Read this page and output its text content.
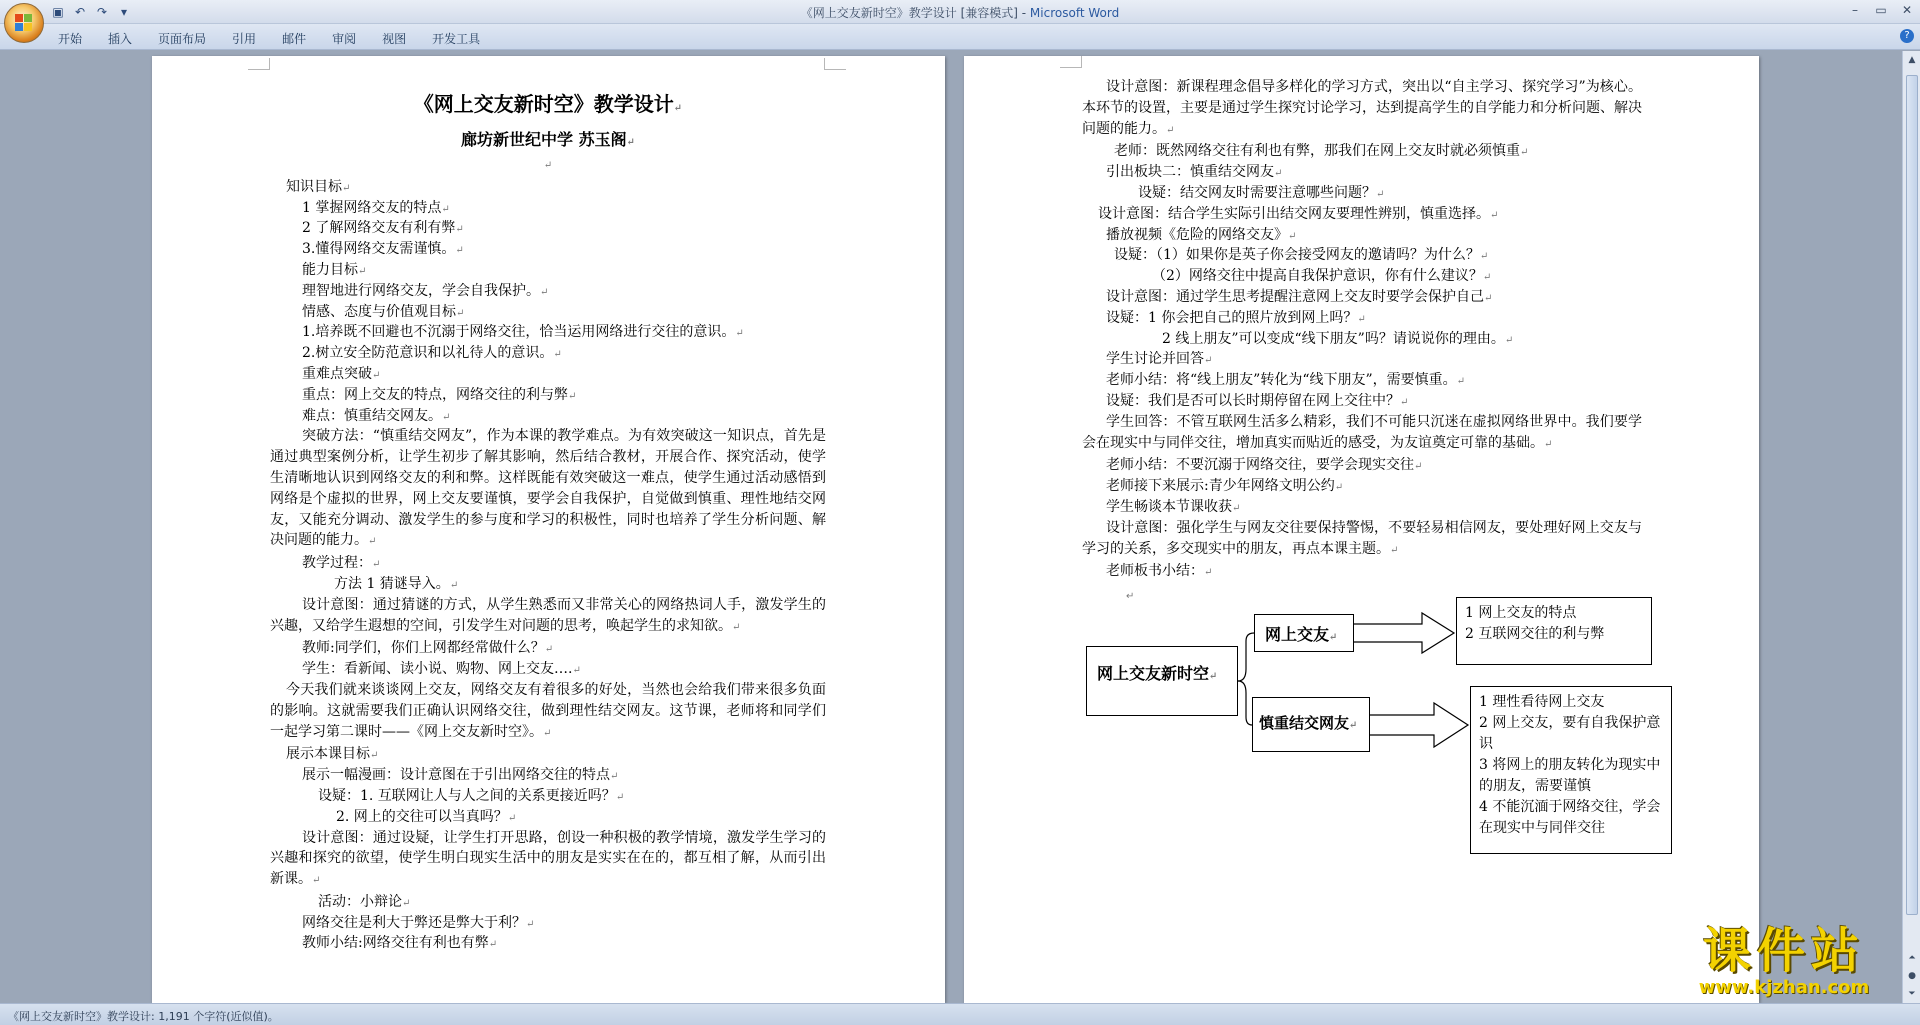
▣ ↶ ↷	▾	《网上交友新时空》教学设计 [兼容模式] - Microsoft Word	–	▭	✕
开始 插入 页面布局 引用 邮件 审阅 视图 开发工具	?
《网上交友新时空》教学设计↵
廊坊新世纪中学 苏玉阁↵
↵
知识目标↵
1 掌握网络交友的特点↵
2 了解网络交友有利有弊↵
3.懂得网络交友需谨慎。↵
能力目标↵
理智地进行网络交友，学会自我保护。↵
情感、态度与价值观目标↵
1.培养既不回避也不沉溺于网络交往，恰当运用网络进行交往的意识。↵
2.树立安全防范意识和以礼待人的意识。↵
重难点突破↵
重点：网上交友的特点，网络交往的利与弊↵
难点：慎重结交网友。↵
突破方法：“慎重结交网友”，作为本课的教学难点。为有效突破这一知识点，首先是通过典型案例分析，让学生初步了解其影响，然后结合教材，开展合作、探究活动，使学生清晰地认识到网络交友的利和弊。这样既能有效突破这一难点，使学生通过活动感悟到网络是个虚拟的世界，网上交友要谨慎，要学会自我保护，自觉做到慎重、理性地结交网友，又能充分调动、激发学生的参与度和学习的积极性，同时也培养了学生分析问题、解决问题的能力。↵
教学过程：↵
方法 1 猜谜导入。↵
设计意图：通过猜谜的方式，从学生熟悉而又非常关心的网络热词人手，激发学生的兴趣，又给学生遐想的空间，引发学生对问题的思考，唤起学生的求知欲。↵
教师:同学们，你们上网都经常做什么？↵
学生：看新闻、读小说、购物、网上交友….↵
今天我们就来谈谈网上交友，网络交友有着很多的好处，当然也会给我们带来很多负面的影响。这就需要我们正确认识网络交往，做到理性结交网友。这节课，老师将和同学们一起学习第二课时——《网上交友新时空》。↵
展示本课目标↵
展示一幅漫画：设计意图在于引出网络交往的特点↵
设疑：1. 互联网让人与人之间的关系更接近吗？↵
2. 网上的交往可以当真吗？↵
设计意图：通过设疑，让学生打开思路，创设一种积极的教学情境，激发学生学习的兴趣和探究的欲望，使学生明白现实生活中的朋友是实实在在的，都互相了解，从而引出新课。↵
活动：小辩论↵
网络交往是利大于弊还是弊大于利？↵
教师小结:网络交往有利也有弊↵
设计意图：新课程理念倡导多样化的学习方式，突出以“自主学习、探究学习”为核心。本环节的设置，主要是通过学生探究讨论学习，达到提高学生的自学能力和分析问题、解决问题的能力。↵
老师：既然网络交往有利也有弊，那我们在网上交友时就必须慎重↵
引出板块二：慎重结交网友↵
设疑：结交网友时需要注意哪些问题？↵
设计意图：结合学生实际引出结交网友要理性辨别，慎重选择。↵
播放视频《危险的网络交友》↵
设疑：（1）如果你是英子你会接受网友的邀请吗？为什么？↵
（2）网络交往中提高自我保护意识，你有什么建议？↵
设计意图：通过学生思考提醒注意网上交友时要学会保护自己↵
设疑：1 你会把自己的照片放到网上吗？↵
2 线上朋友”可以变成“线下朋友”吗？请说说你的理由。↵
学生讨论并回答↵
老师小结：将“线上朋友”转化为“线下朋友”，需要慎重。↵
设疑：我们是否可以长时期停留在网上交往中？↵
学生回答：不管互联网生活多么精彩，我们不可能只沉迷在虚拟网络世界中。我们要学会在现实中与同伴交往，增加真实而贴近的感受，为友谊奠定可靠的基础。↵
老师小结：不要沉溺于网络交往，要学会现实交往↵
老师接下来展示:青少年网络文明公约↵
学生畅谈本节课收获↵
设计意图：强化学生与网友交往要保持警惕，不要轻易相信网友，要处理好网上交友与学习的关系，多交现实中的朋友，再点本课主题。↵
老师板书小结：↵
↵
网上交友新时空↵
网上交友↵
慎重结交网友↵
1 网上交友的特点
2 互联网交往的利与弊
1 理性看待网上交友
2 网上交友，要有自我保护意识
3 将网上的朋友转化为现实中的朋友，需要谨慎
4 不能沉湎于网络交往，学会在现实中与同伴交往
▲
⏶
●
⏷
课件站
www.kjzhan.com
《网上交友新时空》教学设计: 1,191 个字符(近似值)。
